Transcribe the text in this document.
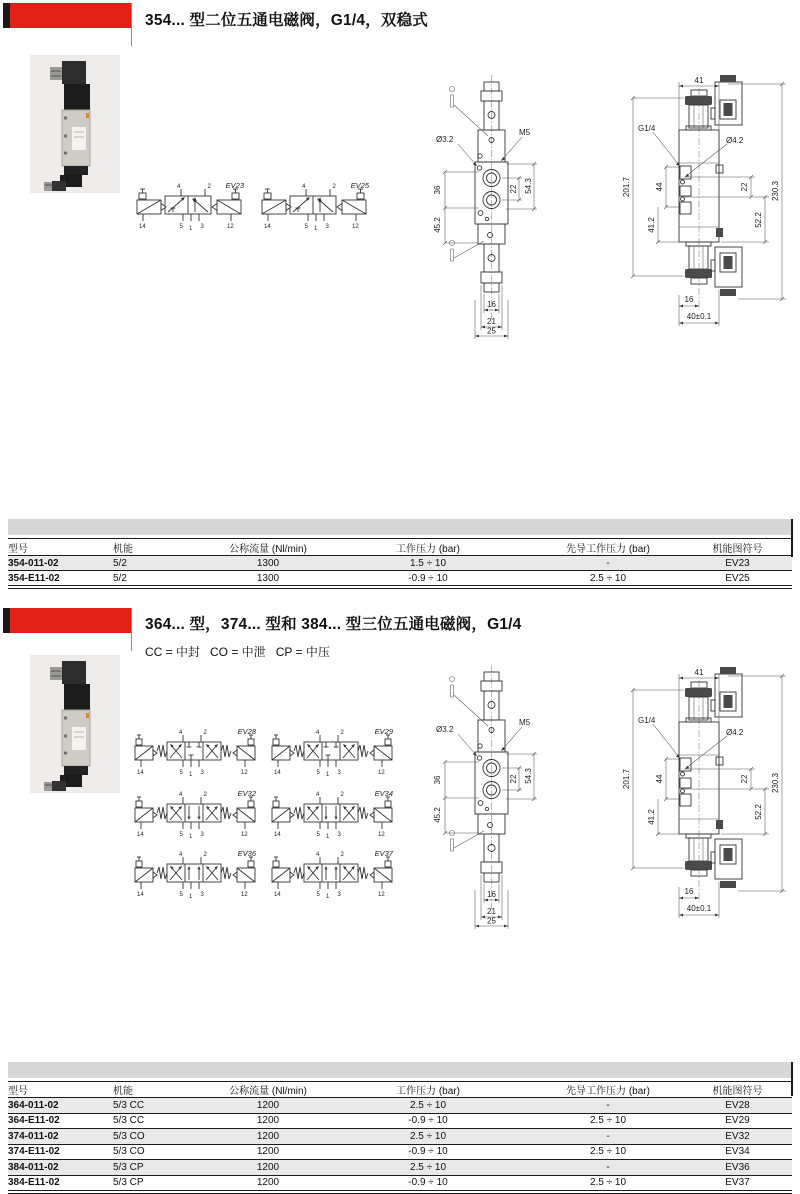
354... 型二位五通电磁阀，G1/4，双稳式
EV23
4	2
5 1 3
14	12
EV25
4	2
5 1 3
14	12
Ø3.2
M5
36
45.2
22 54.3
16
21
25
41
G1/4
Ø4.2
201.7	44
41.2
22
52.2
230.3
16
40±0.1
型号	机能	公称流量 (Nl/min)	工作压力 (bar)	先导工作压力 (bar)	机能图符号
354-011-02	5/2	1300	1.5 ÷ 10	-	EV23
354-E11-02	5/2	1300	-0.9 ÷ 10	2.5 ÷ 10	EV25
364... 型，374... 型和 384... 型三位五通电磁阀，G1/4
CC = 中封   CO = 中泄   CP = 中压
EV28
4	2
5 1 3
14	12
EV29
4	2
5 1 3
14	12
EV32
4	2
5 1 3
14	12
EV34
4	2
5 1 3
14	12
EV36
4	2
5 1 3
14	12
EV37
4	2
5 1 3
14	12
Ø3.2
M5
36
45.2
22 54.3
16
21
25
41
G1/4
Ø4.2
201.7	44
41.2
22
52.2
230.3
16
40±0.1
型号	机能	公称流量 (Nl/min)	工作压力 (bar)	先导工作压力 (bar)	机能图符号
364-011-02	5/3 CC	1200	2.5 ÷ 10	-	EV28
364-E11-02	5/3 CC	1200	-0.9 ÷ 10	2.5 ÷ 10	EV29
374-011-02	5/3 CO	1200	2.5 ÷ 10	-	EV32
374-E11-02	5/3 CO	1200	-0.9 ÷ 10	2.5 ÷ 10	EV34
384-011-02	5/3 CP	1200	2.5 ÷ 10	-	EV36
384-E11-02	5/3 CP	1200	-0.9 ÷ 10	2.5 ÷ 10	EV37
